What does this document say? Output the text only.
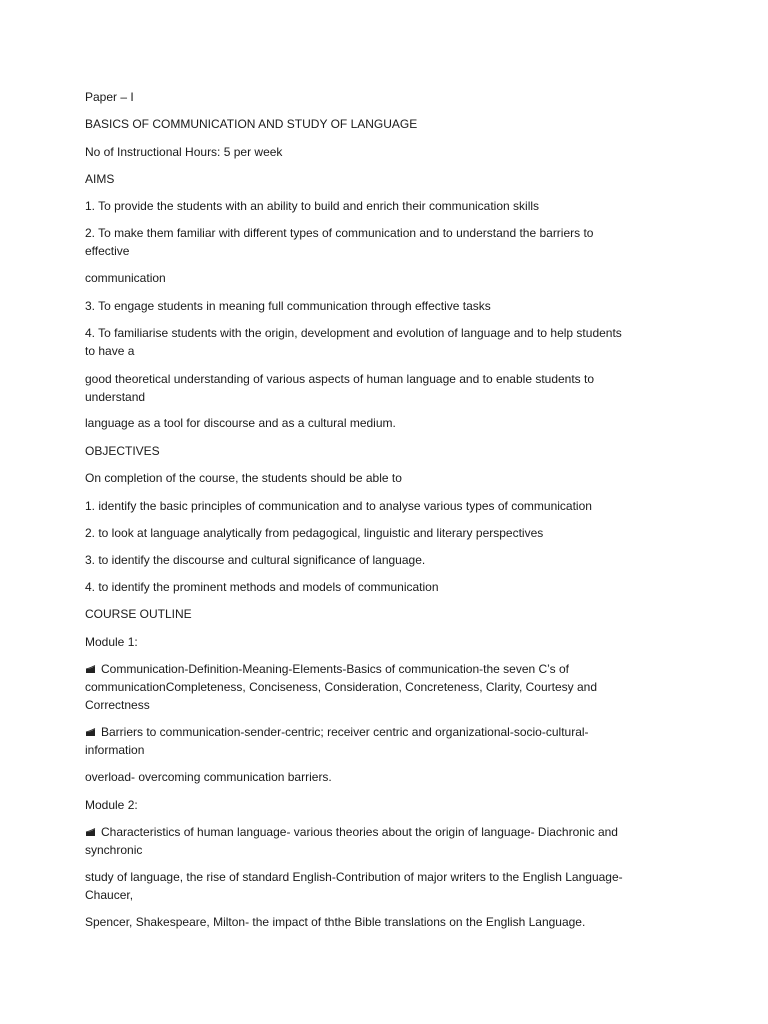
Paper – I
BASICS OF COMMUNICATION AND STUDY OF LANGUAGE
No of Instructional Hours: 5 per week
AIMS
1. To provide the students with an ability to build and enrich their communication skills
2. To make them familiar with different types of communication and to understand the barriers to effective
communication
3. To engage students in meaning full communication through effective tasks
4. To familiarise students with the origin, development and evolution of language and to help students to have a
good theoretical understanding of various aspects of human language and to enable students to understand
language as a tool for discourse and as a cultural medium.
OBJECTIVES
On completion of the course, the students should be able to
1. identify the basic principles of communication and to analyse various types of communication
2. to look at language analytically from pedagogical, linguistic and literary perspectives
3. to identify the discourse and cultural significance of language.
4. to identify the prominent methods and models of communication
COURSE OUTLINE
Module 1:
Communication-Definition-Meaning-Elements-Basics of communication-the seven C’s of communicationCompleteness, Conciseness, Consideration, Concreteness, Clarity, Courtesy and Correctness
Barriers to communication-sender-centric; receiver centric and organizational-socio-cultural-information
overload- overcoming communication barriers.
Module 2:
Characteristics of human language- various theories about the origin of language- Diachronic and synchronic
study of language, the rise of standard English-Contribution of major writers to the English Language-Chaucer,
Spencer, Shakespeare, Milton- the impact of ththe Bible translations on the English Language.
